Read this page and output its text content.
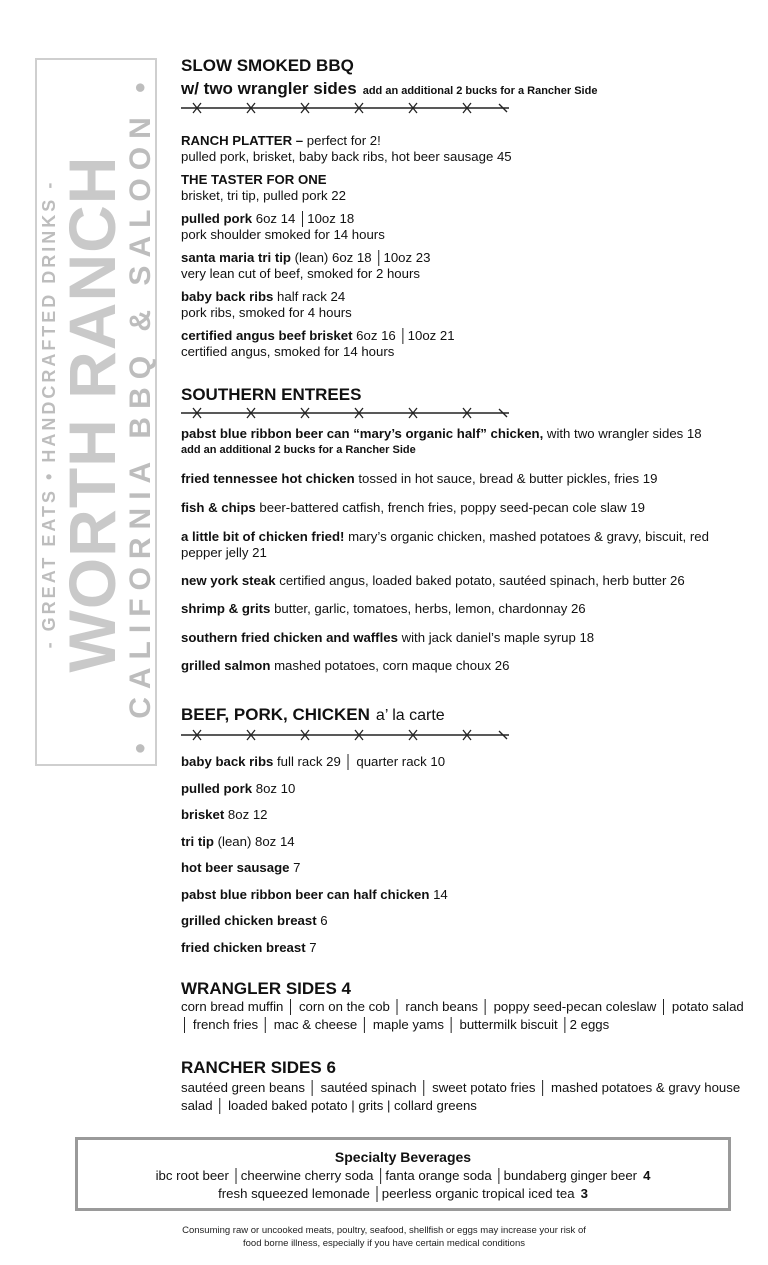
- GREAT EATS • HANDCRAFTED DRINKS -
WORTH RANCH
• CALIFORNIA BBQ & SALOON •
SLOW SMOKED BBQ
w/ two wrangler sides add an additional 2 bucks for a Rancher Side
RANCH PLATTER – perfect for 2!
pulled pork, brisket, baby back ribs, hot beer sausage 45
THE TASTER FOR ONE
brisket, tri tip, pulled pork 22
pulled pork 6oz 14 │10oz 18
pork shoulder smoked for 14 hours
santa maria tri tip (lean) 6oz 18 │10oz 23
very lean cut of beef, smoked for 2 hours
baby back ribs half rack 24
pork ribs, smoked for 4 hours
certified angus beef brisket 6oz 16 │10oz 21
certified angus, smoked for 14 hours
SOUTHERN ENTREES
pabst blue ribbon beer can “mary’s organic half” chicken, with two wrangler sides 18
add an additional 2 bucks for a Rancher Side
fried tennessee hot chicken tossed in hot sauce, bread & butter pickles, fries 19
fish & chips beer-battered catfish, french fries, poppy seed-pecan cole slaw 19
a little bit of chicken fried! mary’s organic chicken, mashed potatoes & gravy, biscuit, red pepper jelly 21
new york steak certified angus, loaded baked potato, sautéed spinach, herb butter 26
shrimp & grits butter, garlic, tomatoes, herbs, lemon, chardonnay 26
southern fried chicken and waffles with jack daniel’s maple syrup 18
grilled salmon mashed potatoes, corn maque choux 26
BEEF, PORK, CHICKEN a’ la carte
baby back ribs full rack 29 │ quarter rack 10
pulled pork 8oz 10
brisket 8oz 12
tri tip (lean) 8oz 14
hot beer sausage 7
pabst blue ribbon beer can half chicken 14
grilled chicken breast 6
fried chicken breast 7
WRANGLER SIDES 4
corn bread muffin │ corn on the cob │ ranch beans │ poppy seed-pecan coleslaw │ potato salad │ french fries │ mac & cheese │ maple yams │ buttermilk biscuit │2 eggs
RANCHER SIDES 6
sautéed green beans │ sautéed spinach │ sweet potato fries │ mashed potatoes & gravy house salad │ loaded baked potato | grits | collard greens
Specialty Beverages
ibc root beer │cheerwine cherry soda │fanta orange soda │bundaberg ginger beer 4
fresh squeezed lemonade │peerless organic tropical iced tea 3
Consuming raw or uncooked meats, poultry, seafood, shellfish or eggs may increase your risk of
food borne illness, especially if you have certain medical conditions
